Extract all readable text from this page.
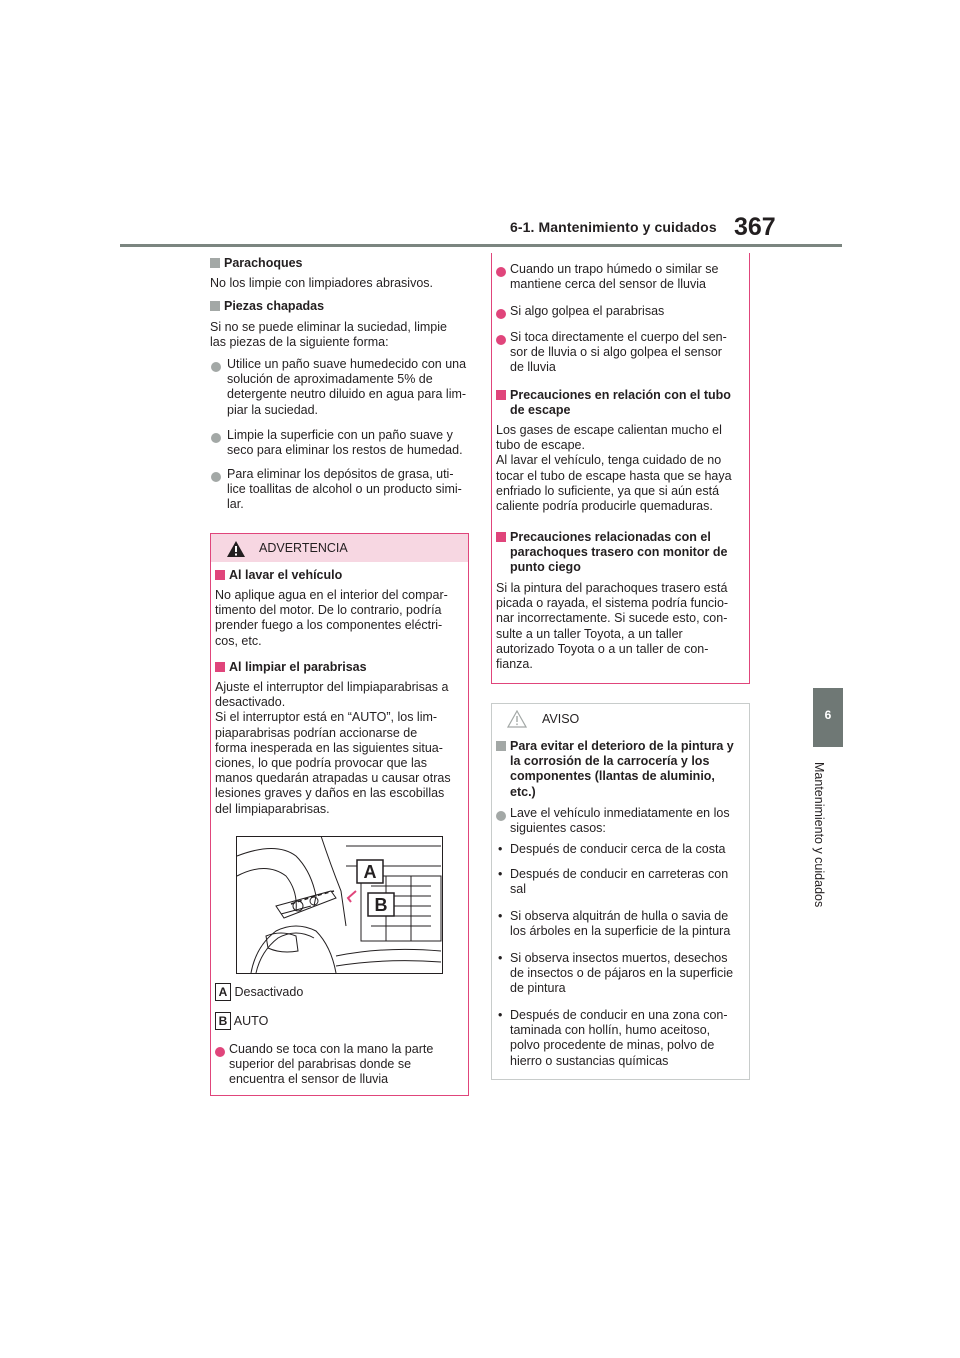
6-1. Mantenimiento y cuidados 367
6
Mantenimiento y cuidados
Parachoques
No los limpie con limpiadores abrasivos.
Piezas chapadas
Si no se puede eliminar la suciedad, limpie
las piezas de la siguiente forma:
Utilice un paño suave humedecido con una
solución de aproximadamente 5% de
detergente neutro diluido en agua para lim-
piar la suciedad.
Limpie la superficie con un paño suave y
seco para eliminar los restos de humedad.
Para eliminar los depósitos de grasa, uti-
lice toallitas de alcohol o un producto simi-
lar.
ADVERTENCIA
Al lavar el vehículo
No aplique agua en el interior del compar-
timento del motor. De lo contrario, podría
prender fuego a los componentes eléctri-
cos, etc.
Al limpiar el parabrisas
Ajuste el interruptor del limpiaparabrisas a
desactivado.
Si el interruptor está en “AUTO”, los lim-
piaparabrisas podrían accionarse de
forma inesperada en las siguientes situa-
ciones, lo que podría provocar que las
manos quedarán atrapadas u causar otras
lesiones graves y daños en las escobillas
del limpiaparabrisas.
A
B
A Desactivado
B AUTO
Cuando se toca con la mano la parte
superior del parabrisas donde se
encuentra el sensor de lluvia
Cuando un trapo húmedo o similar se
mantiene cerca del sensor de lluvia
Si algo golpea el parabrisas
Si toca directamente el cuerpo del sen-
sor de lluvia o si algo golpea el sensor
de lluvia
Precauciones en relación con el tubo
de escape
Los gases de escape calientan mucho el
tubo de escape.
Al lavar el vehículo, tenga cuidado de no
tocar el tubo de escape hasta que se haya
enfriado lo suficiente, ya que si aún está
caliente podría producirle quemaduras.
Precauciones relacionadas con el
parachoques trasero con monitor de
punto ciego
Si la pintura del parachoques trasero está
picada o rayada, el sistema podría funcio-
nar incorrectamente. Si sucede esto, con-
sulte a un taller Toyota, a un taller
autorizado Toyota o a un taller de con-
fianza.
AVISO
Para evitar el deterioro de la pintura y
la corrosión de la carrocería y los
componentes (llantas de aluminio,
etc.)
Lave el vehículo inmediatamente en los
siguientes casos:
• Después de conducir cerca de la costa
• Después de conducir en carreteras con
sal
• Si observa alquitrán de hulla o savia de
los árboles en la superficie de la pintura
• Si observa insectos muertos, desechos
de insectos o de pájaros en la superficie
de pintura
• Después de conducir en una zona con-
taminada con hollín, humo aceitoso,
polvo procedente de minas, polvo de
hierro o sustancias químicas
